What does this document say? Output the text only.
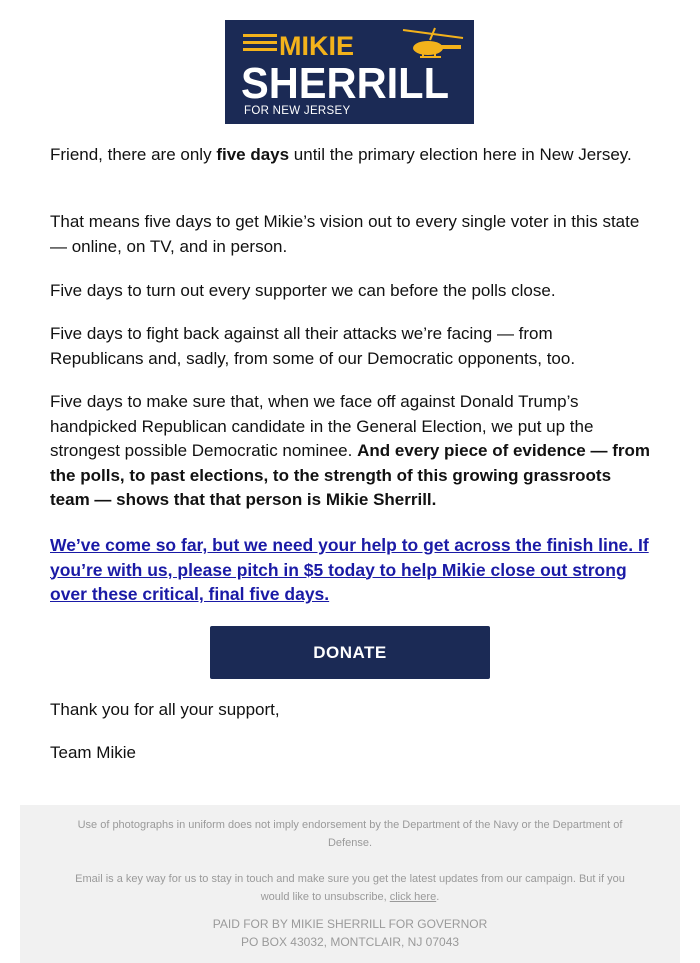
MIKIE
SHERRILL
FOR NEW JERSEY

Friend, there are only five days until the primary election here in New Jersey.

That means five days to get Mikie’s vision out to every single voter in this state — online, on TV, and in person.

Five days to turn out every supporter we can before the polls close.

Five days to fight back against all their attacks we’re facing — from Republicans and, sadly, from some of our Democratic opponents, too.

Five days to make sure that, when we face off against Donald Trump’s handpicked Republican candidate in the General Election, we put up the strongest possible Democratic nominee. And every piece of evidence — from the polls, to past elections, to the strength of this growing grassroots team — shows that that person is Mikie Sherrill.

We’ve come so far, but we need your help to get across the finish line. If you’re with us, please pitch in $5 today to help Mikie close out strong over these critical, final five days.

DONATE

Thank you for all your support,

Team Mikie

Use of photographs in uniform does not imply endorsement by the Department of the Navy or the Department of Defense.

Email is a key way for us to stay in touch and make sure you get the latest updates from our campaign. But if you would like to unsubscribe, click here.

PAID FOR BY MIKIE SHERRILL FOR GOVERNOR

PO BOX 43032, MONTCLAIR, NJ 07043
